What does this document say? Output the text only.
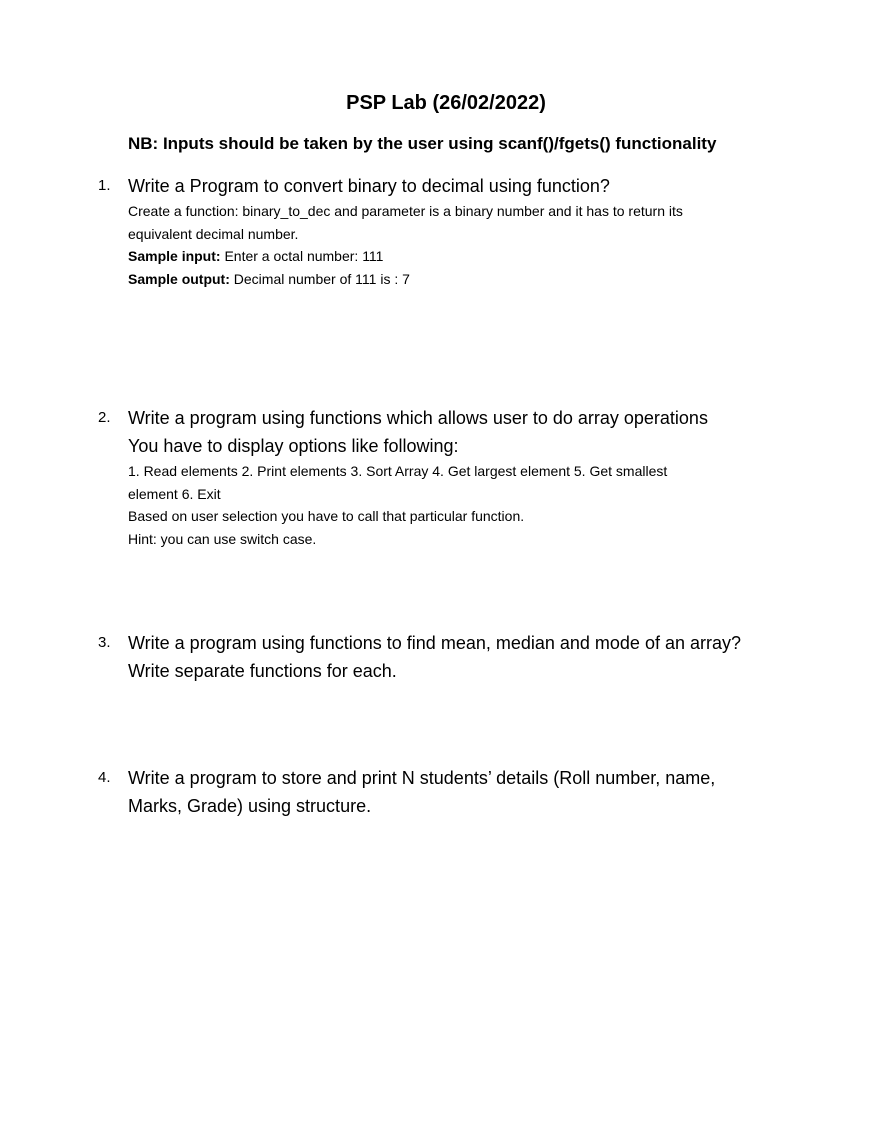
PSP Lab (26/02/2022)
NB: Inputs should be taken by the user using scanf()/fgets() functionality
1. Write a Program to convert binary to decimal using function?

Create a function: binary_to_dec and parameter is a binary number and it has to return its

equivalent decimal number.

Sample input: Enter a octal number: 111

Sample output: Decimal number of 111 is : 7

2. Write a program using functions which allows user to do array operations

You have to display options like following:

1. Read elements 2. Print elements 3. Sort Array 4. Get largest element 5. Get smallest

element 6. Exit

Based on user selection you have to call that particular function.

Hint: you can use switch case.

3. Write a program using functions to find mean, median and mode of an array?

Write separate functions for each.

4. Write a program to store and print N students’ details (Roll number, name,

Marks, Grade) using structure.
